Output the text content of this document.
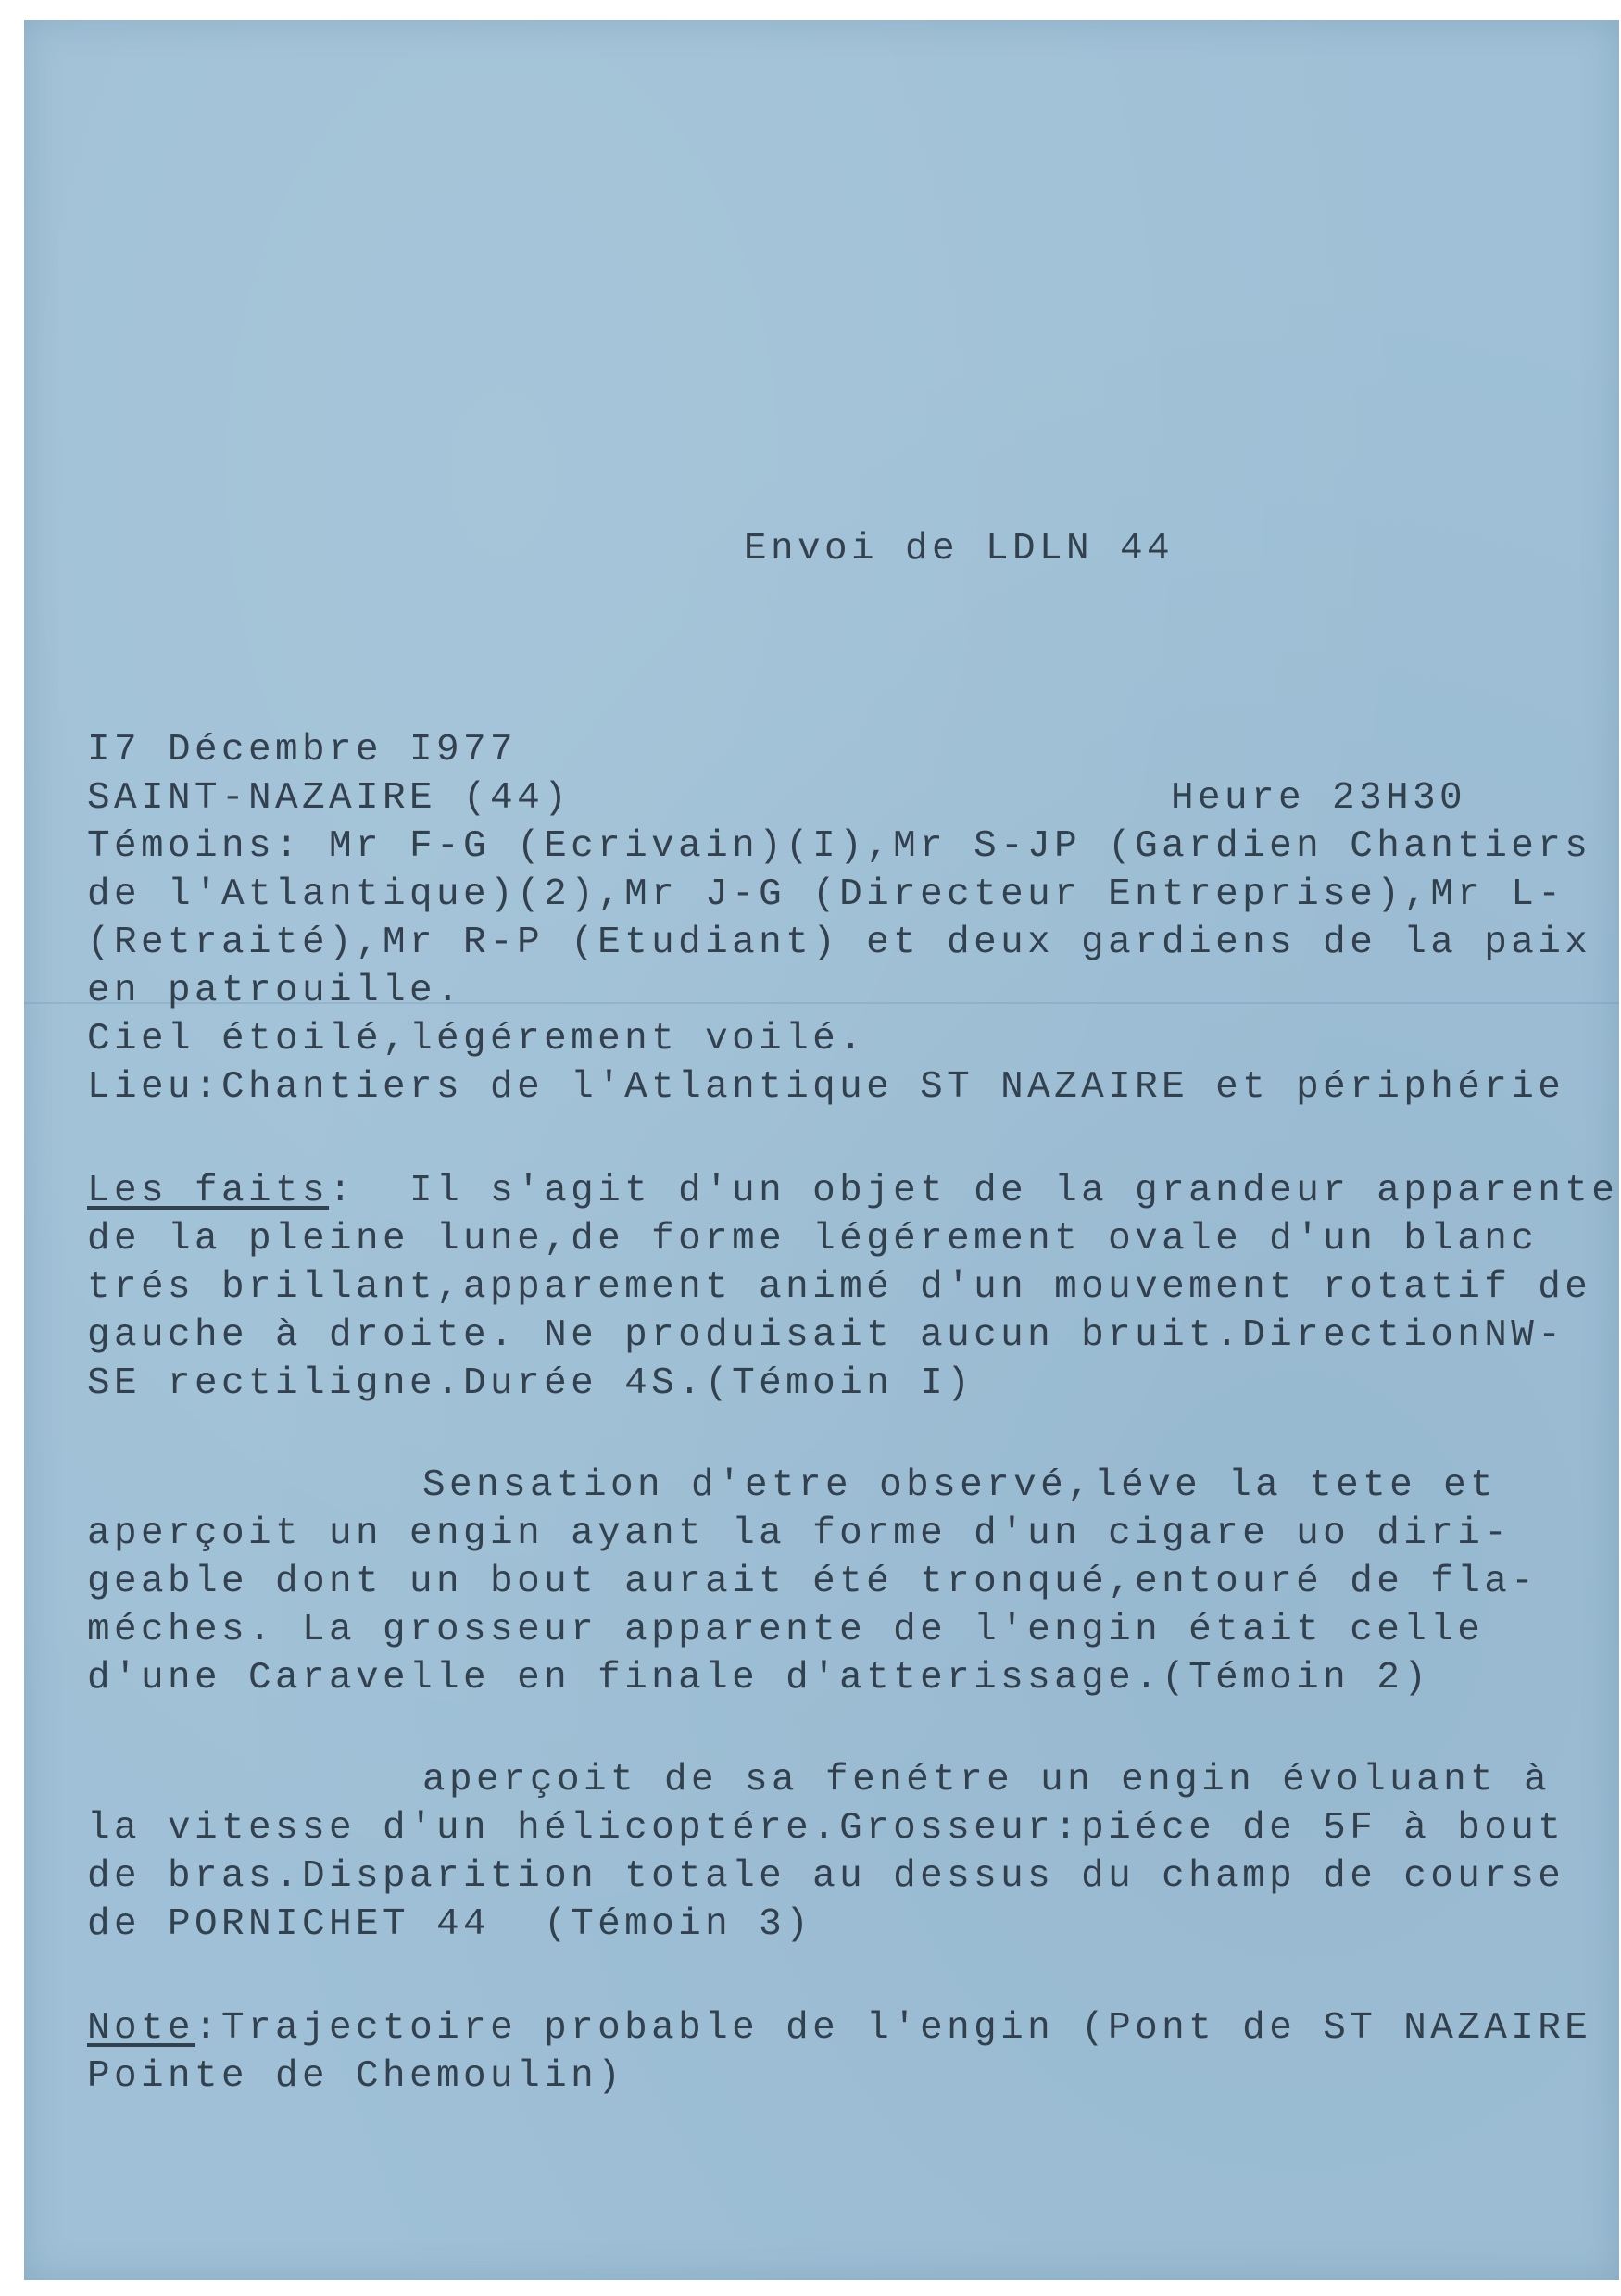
Envoi de LDLN 44
I7 Décembre I977
SAINT-NAZAIRE (44)	Heure 23H30
Témoins: Mr F-G (Ecrivain)(I),Mr S-JP (Gardien Chantiers
de l'Atlantique)(2),Mr J-G (Directeur Entreprise),Mr L-
(Retraité),Mr R-P (Etudiant) et deux gardiens de la paix
en patrouille.
Ciel étoilé,légérement voilé.
Lieu:Chantiers de l'Atlantique ST NAZAIRE et périphérie
Les faits:  Il s'agit d'un objet de la grandeur apparente
de la pleine lune,de forme légérement ovale d'un blanc
trés brillant,apparement animé d'un mouvement rotatif de
gauche à droite. Ne produisait aucun bruit.DirectionNW-
SE rectiligne.Durée 4S.(Témoin I)
Sensation d'etre observé,léve la tete et
aperçoit un engin ayant la forme d'un cigare uo diri-
geable dont un bout aurait été tronqué,entouré de fla-
méches. La grosseur apparente de l'engin était celle
d'une Caravelle en finale d'atterissage.(Témoin 2)
aperçoit de sa fenétre un engin évoluant à
la vitesse d'un hélicoptére.Grosseur:piéce de 5F à bout
de bras.Disparition totale au dessus du champ de course
de PORNICHET 44  (Témoin 3)
Note:Trajectoire probable de l'engin (Pont de ST NAZAIRE
Pointe de Chemoulin)
